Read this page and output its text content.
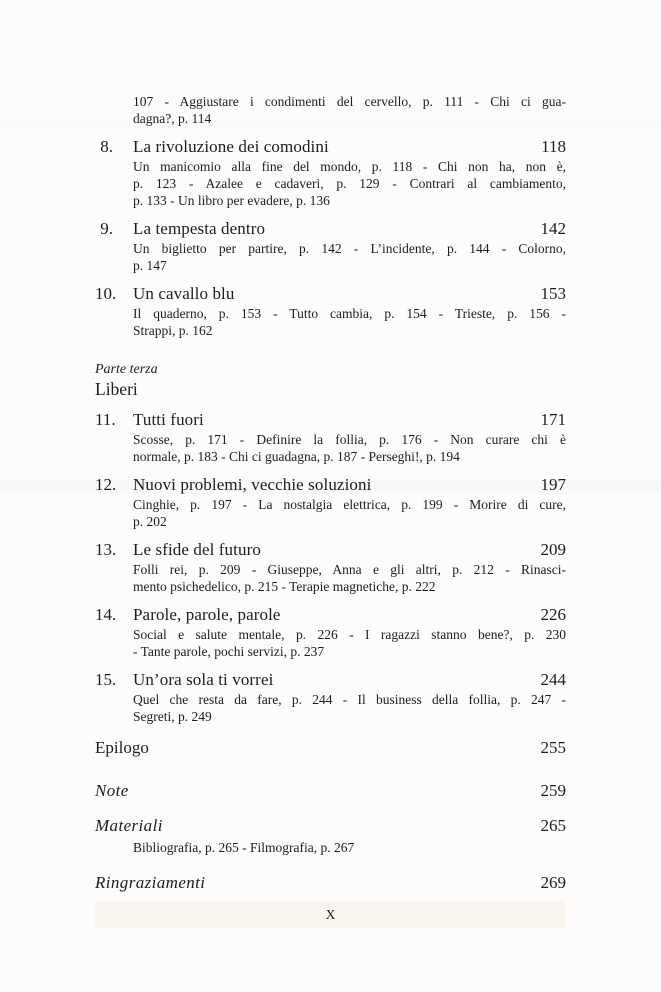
107 - Aggiustare i condimenti del cervello, p. 111 - Chi ci gua-
dagna?, p. 114
8. La rivoluzione dei comodini	118
Un manicomio alla fine del mondo, p. 118 - Chi non ha, non è,
p. 123 - Azalee e cadaveri, p. 129 - Contrari al cambiamento,
p. 133 - Un libro per evadere, p. 136
9. La tempesta dentro	142
Un biglietto per partire, p. 142 - L’incidente, p. 144 - Colorno,
p. 147
10. Un cavallo blu	153
Il quaderno, p. 153 - Tutto cambia, p. 154 - Trieste, p. 156 -
Strappi, p. 162
Parte terza
Liberi
11. Tutti fuori	171
Scosse, p. 171 - Definire la follia, p. 176 - Non curare chi è
normale, p. 183 - Chi ci guadagna, p. 187 - Perseghi!, p. 194
12. Nuovi problemi, vecchie soluzioni	197
Cinghie, p. 197 - La nostalgia elettrica, p. 199 - Morire di cure,
p. 202
13. Le sfide del futuro	209
Folli rei, p. 209 - Giuseppe, Anna e gli altri, p. 212 - Rinasci-
mento psichedelico, p. 215 - Terapie magnetiche, p. 222
14. Parole, parole, parole	226
Social e salute mentale, p. 226 - I ragazzi stanno bene?, p. 230
- Tante parole, pochi servizi, p. 237
15. Un’ora sola ti vorrei	244
Quel che resta da fare, p. 244 - Il business della follia, p. 247 -
Segreti, p. 249
Epilogo	255
Note	259
Materiali	265
Bibliografia, p. 265 - Filmografia, p. 267
Ringraziamenti	269
X
